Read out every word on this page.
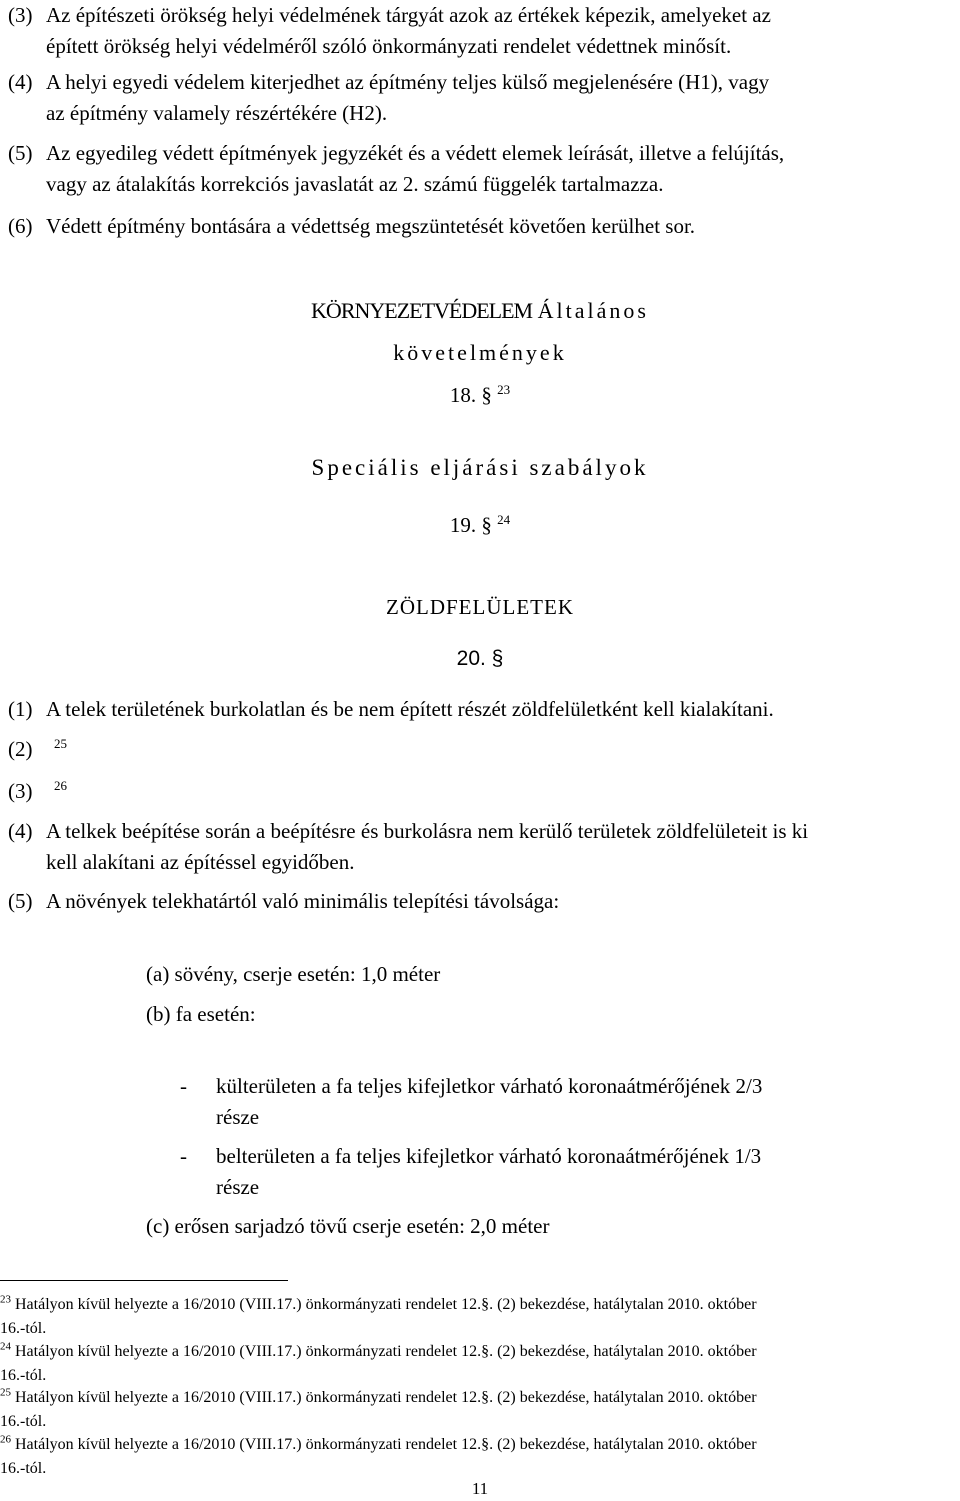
(3) Az építészeti örökség helyi védelmének tárgyát azok az értékek képezik, amelyeket az
épített örökség helyi védelméről szóló önkormányzati rendelet védettnek minősít.
(4) A helyi egyedi védelem kiterjedhet az építmény teljes külső megjelenésére (H1), vagy
az építmény valamely részértékére (H2).
(5) Az egyedileg védett építmények jegyzékét és a védett elemek leírását, illetve a felújítás,
vagy az átalakítás korrekciós javaslatát az 2. számú függelék tartalmazza.
(6) Védett építmény bontására a védettség megszüntetését követően kerülhet sor.
KÖRNYEZETVÉDELEM Általános
követelmények
18. § $^{23}$
Speciális eljárási szabályok
19. § $^{24}$
ZÖLDFELÜLETEK
20. §
(1) A telek területének burkolatlan és be nem épített részét zöldfelületként kell kialakítani.
(2) $^{25}$
(3) $^{26}$
(4) A telkek beépítése során a beépítésre és burkolásra nem kerülő területek zöldfelületeit is ki
kell alakítani az építéssel egyidőben.
(5) A növények telekhatártól való minimális telepítési távolsága:
(a) sövény, cserje esetén: 1,0 méter
(b) fa esetén:
- külterületen a fa teljes kifejletkor várható koronaátmérőjének 2/3
része
- belterületen a fa teljes kifejletkor várható koronaátmérőjének 1/3
része
(c) erősen sarjadzó tövű cserje esetén: 2,0 méter
$^{23}$ Hatályon kívül helyezte a 16/2010 (VIII.17.) önkormányzati rendelet 12.§. (2) bekezdése, hatálytalan 2010. október
16.-tól.
$^{24}$ Hatályon kívül helyezte a 16/2010 (VIII.17.) önkormányzati rendelet 12.§. (2) bekezdése, hatálytalan 2010. október
16.-tól.
$^{25}$ Hatályon kívül helyezte a 16/2010 (VIII.17.) önkormányzati rendelet 12.§. (2) bekezdése, hatálytalan 2010. október
16.-tól.
$^{26}$ Hatályon kívül helyezte a 16/2010 (VIII.17.) önkormányzati rendelet 12.§. (2) bekezdése, hatálytalan 2010. október
16.-tól.
11
